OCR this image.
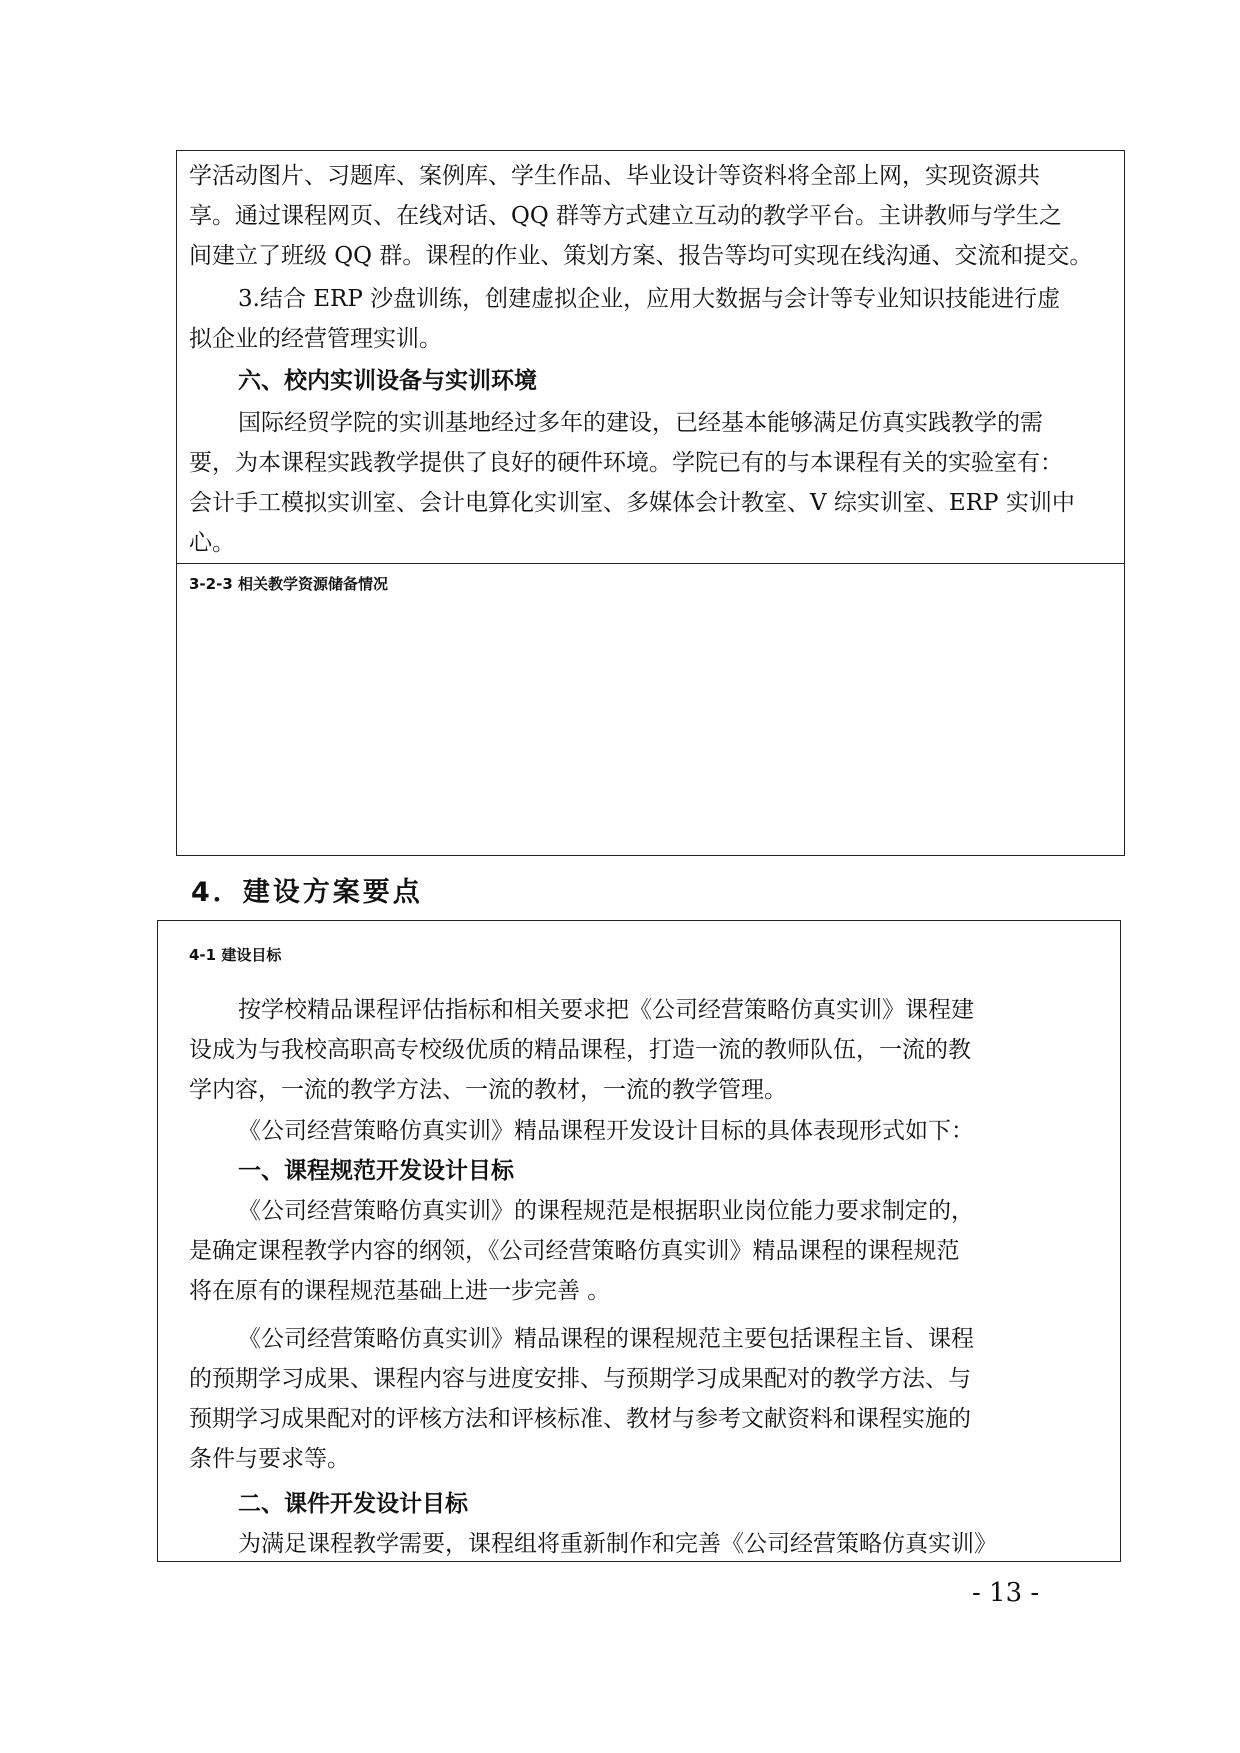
学活动图片、习题库、案例库、学生作品、毕业设计等资料将全部上网，实现资源共

享。通过课程网页、在线对话、QQ 群等方式建立互动的教学平台。主讲教师与学生之

间建立了班级 QQ 群。课程的作业、策划方案、报告等均可实现在线沟通、交流和提交。

3.结合 ERP 沙盘训练，创建虚拟企业，应用大数据与会计等专业知识技能进行虚

拟企业的经营管理实训。

六、校内实训设备与实训环境

国际经贸学院的实训基地经过多年的建设，已经基本能够满足仿真实践教学的需

要，为本课程实践教学提供了良好的硬件环境。学院已有的与本课程有关的实验室有：

会计手工模拟实训室、会计电算化实训室、多媒体会计教室、V 综实训室、ERP 实训中

心。

3-2-3 相关教学资源储备情况
4．建设方案要点
4-1 建设目标

按学校精品课程评估指标和相关要求把《公司经营策略仿真实训》课程建

设成为与我校高职高专校级优质的精品课程，打造一流的教师队伍，一流的教

学内容，一流的教学方法、一流的教材，一流的教学管理。

《公司经营策略仿真实训》精品课程开发设计目标的具体表现形式如下：

一、课程规范开发设计目标

《公司经营策略仿真实训》的课程规范是根据职业岗位能力要求制定的，

是确定课程教学内容的纲领，《公司经营策略仿真实训》精品课程的课程规范

将在原有的课程规范基础上进一步完善 。

《公司经营策略仿真实训》精品课程的课程规范主要包括课程主旨、课程

的预期学习成果、课程内容与进度安排、与预期学习成果配对的教学方法、与

预期学习成果配对的评核方法和评核标准、教材与参考文献资料和课程实施的

条件与要求等。

二、课件开发设计目标

为满足课程教学需要，课程组将重新制作和完善《公司经营策略仿真实训》

- 13 -
